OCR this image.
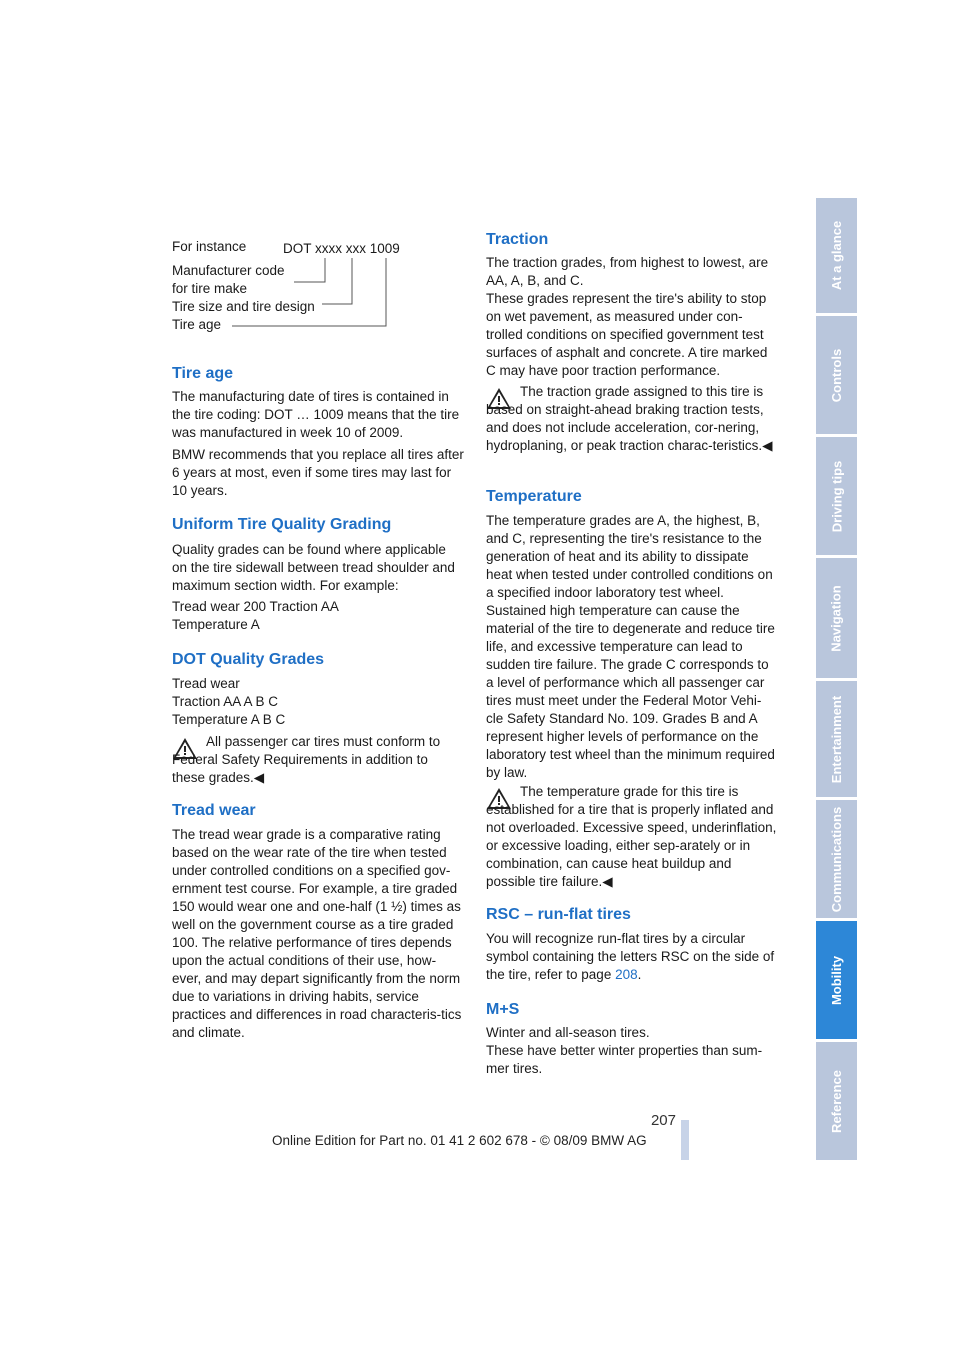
For instance	DOT xxxx xxx 1009
Manufacturer code
for tire make
Tire size and tire design
Tire age
Tire age

The manufacturing date of tires is contained in the tire coding: DOT … 1009 means that the tire was manufactured in week 10 of 2009.

BMW recommends that you replace all tires after 6 years at most, even if some tires may last for 10 years.

Uniform Tire Quality Grading

Quality grades can be found where applicable on the tire sidewall between tread shoulder and maximum section width. For example:

Tread wear 200 Traction AA

Temperature A

DOT Quality Grades

Tread wear

Traction AA A B C

Temperature A B C

All passenger car tires must conform to Federal Safety Requirements in addition to these grades.◀

Tread wear

The tread wear grade is a comparative rating based on the wear rate of the tire when tested under controlled conditions on a specified gov-ernment test course. For example, a tire graded 150 would wear one and one-half (1 ½) times as well on the government course as a tire graded 100. The relative performance of tires depends upon the actual conditions of their use, how-ever, and may depart significantly from the norm due to variations in driving habits, service practices and differences in road characteris-tics and climate.

Traction

The traction grades, from highest to lowest, are AA, A, B, and C.

These grades represent the tire's ability to stop on wet pavement, as measured under con-trolled conditions on specified government test surfaces of asphalt and concrete. A tire marked C may have poor traction performance.

The traction grade assigned to this tire is based on straight-ahead braking traction tests, and does not include acceleration, cor-nering, hydroplaning, or peak traction charac-teristics.◀

Temperature

The temperature grades are A, the highest, B, and C, representing the tire's resistance to the generation of heat and its ability to dissipate heat when tested under controlled conditions on a specified indoor laboratory test wheel. Sustained high temperature can cause the material of the tire to degenerate and reduce tire life, and excessive temperature can lead to sudden tire failure. The grade C corresponds to a level of performance which all passenger car tires must meet under the Federal Motor Vehi-cle Safety Standard No. 109. Grades B and A represent higher levels of performance on the laboratory test wheel than the minimum required by law.

The temperature grade for this tire is established for a tire that is properly inflated and not overloaded. Excessive speed, underinflation, or excessive loading, either sep-arately or in combination, can cause heat buildup and possible tire failure.◀

RSC – run-flat tires

You will recognize run-flat tires by a circular symbol containing the letters RSC on the side of the tire, refer to page 208.

M+S

Winter and all-season tires.

These have better winter properties than sum-mer tires.

At a glance
Controls
Driving tips
Navigation
Entertainment
Communications
Mobility
Reference
207
Online Edition for Part no. 01 41 2 602 678 - © 08/09 BMW AG
